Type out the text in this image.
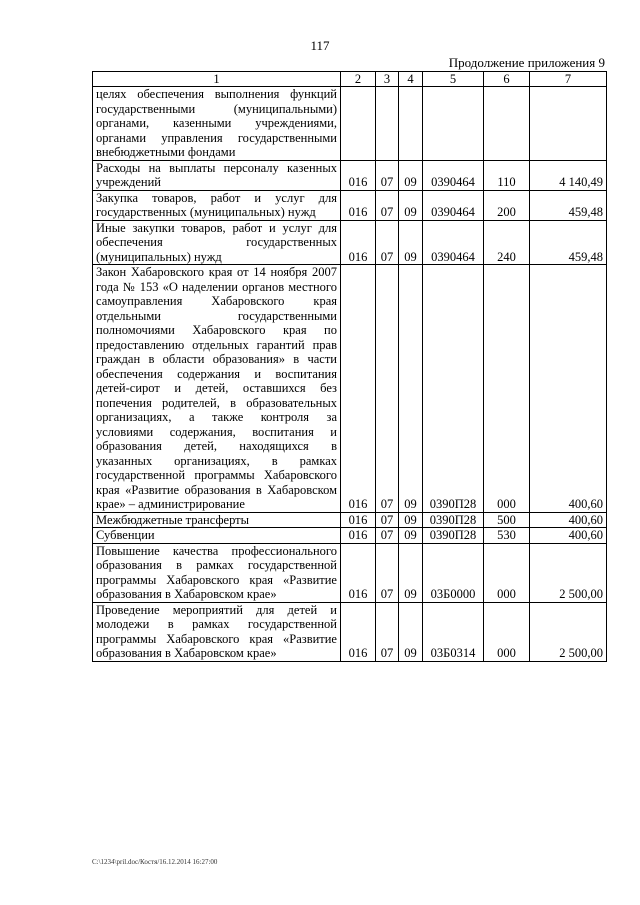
117
Продолжение приложения 9
1	2	3	4	5	6	7
целях обеспечения выполнения функций государственными (муниципальными) органами, казенными учреждениями, органами управления государственными внебюджетными фондами						
Расходы на выплаты персоналу казенных учреждений	016	07	09	0390464	110	4 140,49
Закупка товаров, работ и услуг для государственных (муниципальных) нужд	016	07	09	0390464	200	459,48
Иные закупки товаров, работ и услуг для обеспечения государственных (муниципальных) нужд	016	07	09	0390464	240	459,48
Закон Хабаровского края от 14 ноября 2007 года № 153 «О наделении органов местного самоуправления Хабаровского края отдельными государственными полномочиями Хабаровского края по предоставлению отдельных гарантий прав граждан в области образования» в части обеспечения содержания и воспитания детей-сирот и детей, оставшихся без попечения родителей, в образовательных организациях, а также контроля за условиями содержания, воспитания и образования детей, находящихся в указанных организациях, в рамках государственной программы Хабаровского края «Развитие образования в Хабаровском крае» – администрирование	016	07	09	0390П28	000	400,60
Межбюджетные трансферты	016	07	09	0390П28	500	400,60
Субвенции	016	07	09	0390П28	530	400,60
Повышение качества профессионального образования в рамках государственной программы Хабаровского края «Развитие образования в Хабаровском крае»	016	07	09	03Б0000	000	2 500,00
Проведение мероприятий для детей и молодежи в рамках государственной программы Хабаровского края «Развитие образования в Хабаровском крае»	016	07	09	03Б0314	000	2 500,00
C:\1234\pril.doc/Костя/16.12.2014 16:27:00
